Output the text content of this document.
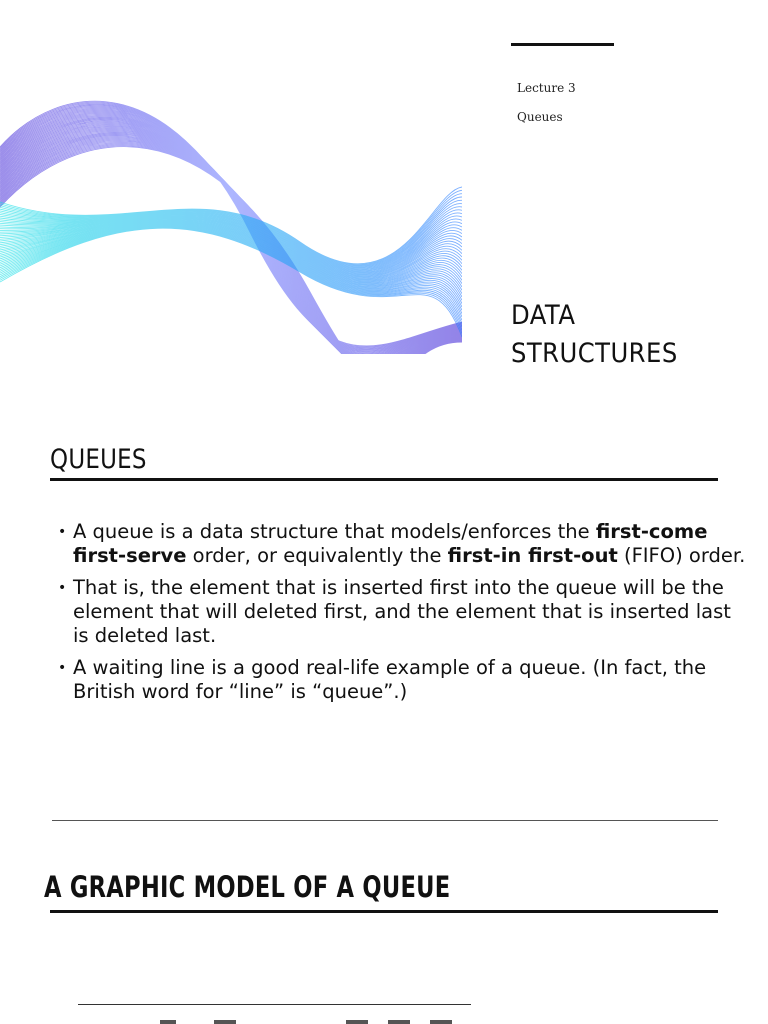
Lecture 3
Queues
DATA
STRUCTURES
QUEUES
• A queue is a data structure that models/enforces the first-come first-serve order, or equivalently the first-in first-out (FIFO) order.
• That is, the element that is inserted first into the queue will be the element that will deleted first, and the element that is inserted last is deleted last.
• A waiting line is a good real-life example of a queue. (In fact, the British word for “line” is “queue”.)
A GRAPHIC MODEL OF A QUEUE
